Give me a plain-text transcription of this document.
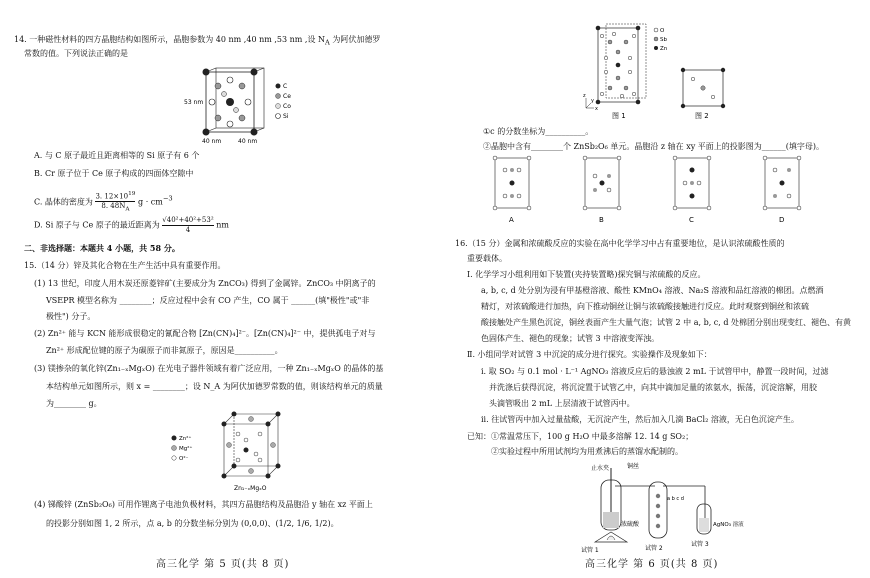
14. 一种磁性材料的四方晶胞结构如图所示，晶胞参数为 40 nm ,40 nm ,53 nm ,设 $N_A$ 为阿伏加德罗
常数的值。下列说法正确的是
53 nm
40 nm	40 nm
C
Ce
Co
Si
A. 与 C 原子最近且距离相等的 Si 原子有 6 个
B. Cr 原子位于 Ce 原子构成的四面体空隙中
C. 晶体的密度为 $\frac{3. 12\times 10^{19}}{8. 48N_A}$ $g \cdot cm^{-3}$
D. Si 原子与 Ce 原子的最近距离为 $\frac{\text{√40²+40²+53²}}{4}$ nm
二、非选择题：本题共 4 小题，共 58 分。
15.（14 分）锌及其化合物在生产生活中具有重要作用。
(1) 13 世纪，印度人用木炭还原菱锌矿(主要成分为 ZnCO₃) 得到了金属锌。ZnCO₃ 中阴离子的
VSEPR 模型名称为 ________；反应过程中会有 CO 产生，CO 属于 ______(填"极性"或"非
极性") 分子。
(2) Zn²⁺ 能与 KCN 能形成很稳定的氰配合物 [Zn(CN)₄]²⁻。[Zn(CN)₄]²⁻ 中，提供孤电子对与
Zn²⁺ 形成配位键的原子为碳原子而非氮原子，原因是__________。
(3) 镁掺杂的氧化锌(Zn₁₋ₓMgₓO) 在光电子器件领域有着广泛应用，一种 Zn₁₋ₓMgₓO 的晶体的基
本结构单元如图所示，则 x = ________；设 N_A 为阿伏加德罗常数的值，则该结构单元的质量
为________ g。
Zn₁₋ₓMgₓO
Zn²⁺
Mg²⁺
O²⁻
(4) 锑酸锌 (ZnSb₂O₆) 可用作锂离子电池负极材料，其四方晶胞结构及晶胞沿 y 轴在 xz 平面上
的投影分别如图 1, 2 所示，点 a, b 的分数坐标分别为 (0,0,0)、(1/2, 1/6, 1/2)。
高三化学 第 5 页(共 8 页)
O
Sb
Zn
z
x
y
图 1	图 2
①c 的分数坐标为__________。
②晶胞中含有________个 ZnSb₂O₆ 单元。晶胞沿 z 轴在 xy 平面上的投影图为______(填字母)。
A	B	C	D
16.（15 分）金属和浓硫酸反应的实验在高中化学学习中占有重要地位，是认识浓硫酸性质的
重要载体。
Ⅰ. 化学学习小组利用如下装置(夹持装置略)探究铜与浓硫酸的反应。
a, b, c, d 处分别为浸有甲基橙溶液、酸性 KMnO₄ 溶液、Na₂S 溶液和品红溶液的棉团。点燃酒
精灯，对浓硫酸进行加热，向下推动铜丝让铜与浓硫酸接触进行反应。此时观察到铜丝和浓硫
酸接触处产生黑色沉淀，铜丝表面产生大量气泡；试管 2 中 a, b, c, d 处棉团分别出现变红、褪色、有黄
色固体产生、褪色的现象；试管 3 中溶液变浑浊。
Ⅱ. 小组同学对试管 3 中沉淀的成分进行探究。实验操作及现象如下：
i. 取 SO₂ 与 0.1 mol · L⁻¹ AgNO₃ 溶液反应后的悬浊液 2 mL 于试管甲中，静置一段时间，过滤
并洗涤后获得沉淀，将沉淀置于试管乙中，向其中滴加足量的浓氨水，振荡，沉淀溶解，用胶
头滴管吸出 2 mL 上层清液于试管丙中。
ii. 往试管丙中加入过量盐酸，无沉淀产生，然后加入几滴 BaCl₂ 溶液，无白色沉淀产生。
已知：①常温常压下，100 g H₂O 中最多溶解 12. 14 g SO₂；
②实验过程中所用试剂均为用煮沸后的蒸馏水配制的。
止水夹	铜丝
a b c d
浓硫酸
试管 1	试管 2
试管 3
AgNO₃ 溶液
高三化学 第 6 页(共 8 页)
